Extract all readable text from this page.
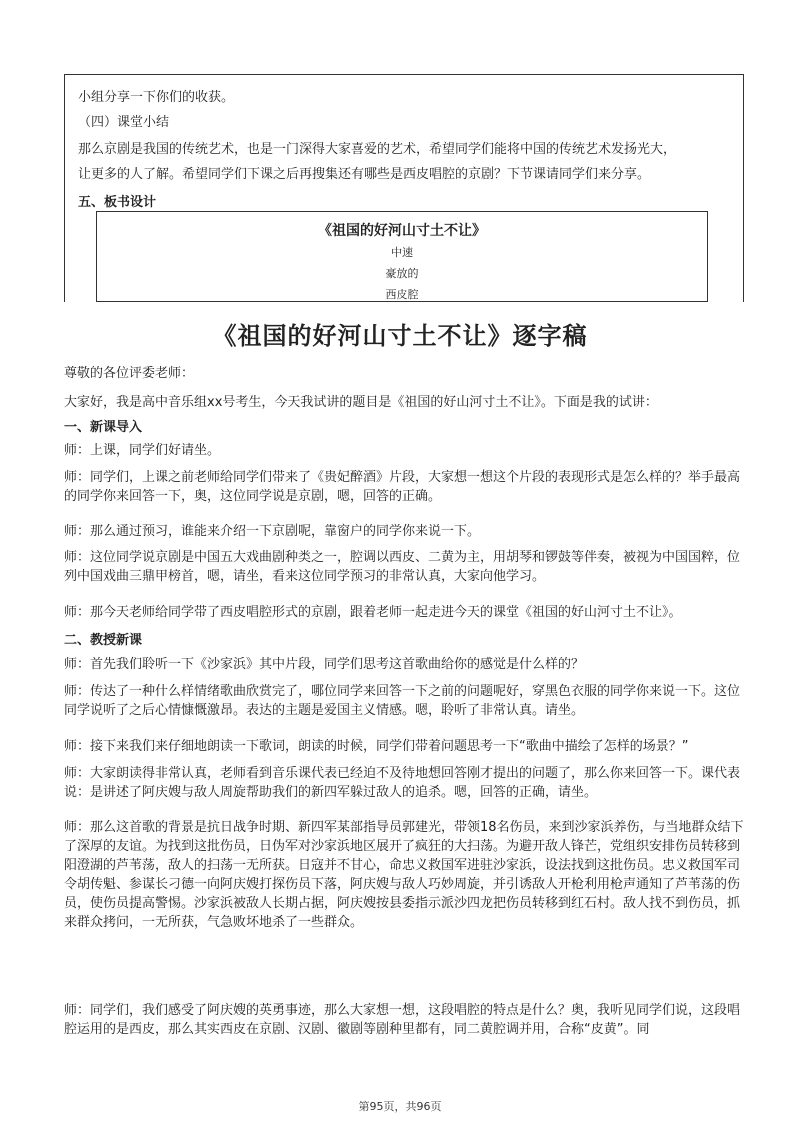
小组分享一下你们的收获。
（四）课堂小结
那么京剧是我国的传统艺术，也是一门深得大家喜爱的艺术，希望同学们能将中国的传统艺术发扬光大，
让更多的人了解。希望同学们下课之后再搜集还有哪些是西皮唱腔的京剧？下节课请同学们来分享。
五、板书设计
《祖国的好河山寸土不让》
中速
豪放的
西皮腔
《祖国的好河山寸土不让》逐字稿
尊敬的各位评委老师：
大家好，我是高中音乐组xx号考生，今天我试讲的题目是《祖国的好山河寸土不让》。下面是我的试讲：
一、新课导入
师：上课，同学们好请坐。
师：同学们，上课之前老师给同学们带来了《贵妃醉酒》片段，大家想一想这个片段的表现形式是怎么样的？举手最高的同学你来回答一下，奥，这位同学说是京剧，嗯，回答的正确。
师：那么通过预习，谁能来介绍一下京剧呢，靠窗户的同学你来说一下。
师：这位同学说京剧是中国五大戏曲剧种类之一，腔调以西皮、二黄为主，用胡琴和锣鼓等伴奏，被视为中国国粹，位列中国戏曲三鼎甲榜首，嗯，请坐，看来这位同学预习的非常认真，大家向他学习。
师：那今天老师给同学带了西皮唱腔形式的京剧，跟着老师一起走进今天的课堂《祖国的好山河寸土不让》。
二、教授新课
师：首先我们聆听一下《沙家浜》其中片段，同学们思考这首歌曲给你的感觉是什么样的？
师：传达了一种什么样情绪歌曲欣赏完了，哪位同学来回答一下之前的问题呢好，穿黑色衣服的同学你来说一下。这位同学说听了之后心情慷慨激昂。表达的主题是爱国主义情感。嗯，聆听了非常认真。请坐。
师：接下来我们来仔细地朗读一下歌词，朗读的时候，同学们带着问题思考一下“歌曲中描绘了怎样的场景？”
师：大家朗读得非常认真，老师看到音乐课代表已经迫不及待地想回答刚才提出的问题了，那么你来回答一下。课代表说：是讲述了阿庆嫂与敌人周旋帮助我们的新四军躲过敌人的追杀。嗯，回答的正确，请坐。
师：那么这首歌的背景是抗日战争时期、新四军某部指导员郭建光，带领18名伤员，来到沙家浜养伤，与当地群众结下了深厚的友谊。为找到这批伤员，日伪军对沙家浜地区展开了疯狂的大扫荡。为避开敌人锋芒，党组织安排伤员转移到阳澄湖的芦苇荡，敌人的扫荡一无所获。日寇并不甘心，命忠义救国军进驻沙家浜，设法找到这批伤员。忠义救国军司令胡传魁、参谋长刁德一向阿庆嫂打探伤员下落，阿庆嫂与敌人巧妙周旋，并引诱敌人开枪利用枪声通知了芦苇荡的伤员，使伤员提高警惕。沙家浜被敌人长期占据，阿庆嫂按县委指示派沙四龙把伤员转移到红石村。敌人找不到伤员，抓来群众拷问，一无所获，气急败坏地杀了一些群众。
师：同学们，我们感受了阿庆嫂的英勇事迹，那么大家想一想，这段唱腔的特点是什么？奥，我听见同学们说，这段唱腔运用的是西皮，那么其实西皮在京剧、汉剧、徽剧等剧种里都有，同二黄腔调并用，合称“皮黄”。同
第95页，共96页
